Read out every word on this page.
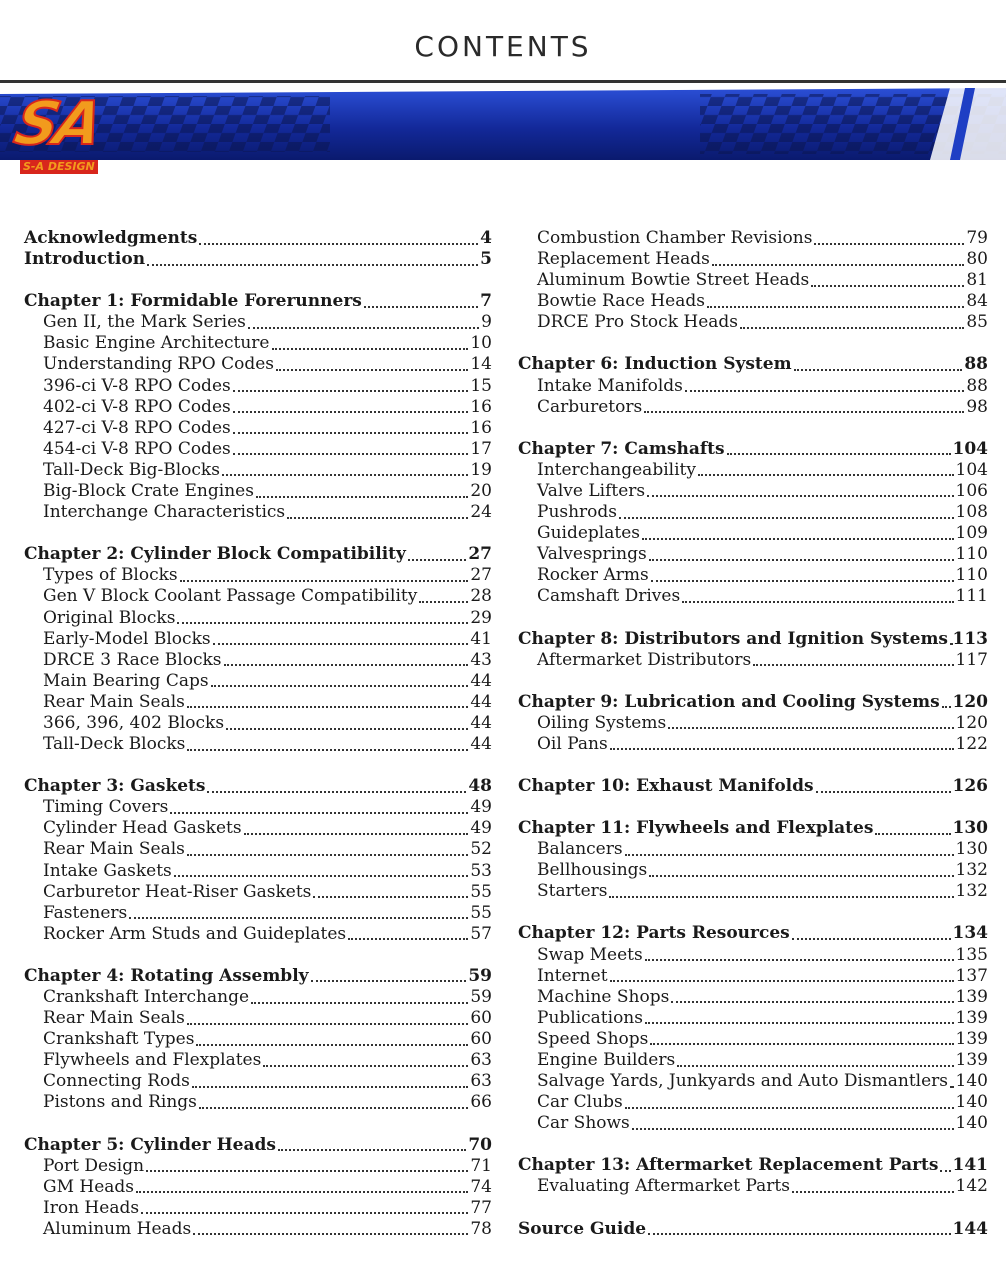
CONTENTS
SA
S-A DESIGN
Acknowledgments	4
Introduction	5
Chapter 1: Formidable Forerunners	7
Gen II, the Mark Series	9
Basic Engine Architecture	10
Understanding RPO Codes	14
396-ci V-8 RPO Codes	15
402-ci V-8 RPO Codes	16
427-ci V-8 RPO Codes	16
454-ci V-8 RPO Codes	17
Tall-Deck Big-Blocks	19
Big-Block Crate Engines	20
Interchange Characteristics	24
Chapter 2: Cylinder Block Compatibility	27
Types of Blocks	27
Gen V Block Coolant Passage Compatibility	28
Original Blocks	29
Early-Model Blocks	41
DRCE 3 Race Blocks	43
Main Bearing Caps	44
Rear Main Seals	44
366, 396, 402 Blocks	44
Tall-Deck Blocks	44
Chapter 3: Gaskets	48
Timing Covers	49
Cylinder Head Gaskets	49
Rear Main Seals	52
Intake Gaskets	53
Carburetor Heat-Riser Gaskets	55
Fasteners	55
Rocker Arm Studs and Guideplates	57
Chapter 4: Rotating Assembly	59
Crankshaft Interchange	59
Rear Main Seals	60
Crankshaft Types	60
Flywheels and Flexplates	63
Connecting Rods	63
Pistons and Rings	66
Chapter 5: Cylinder Heads	70
Port Design	71
GM Heads	74
Iron Heads	77
Aluminum Heads	78
Combustion Chamber Revisions	79
Replacement Heads	80
Aluminum Bowtie Street Heads	81
Bowtie Race Heads	84
DRCE Pro Stock Heads	85
Chapter 6: Induction System	88
Intake Manifolds	88
Carburetors	98
Chapter 7: Camshafts	104
Interchangeability	104
Valve Lifters	106
Pushrods	108
Guideplates	109
Valvesprings	110
Rocker Arms	110
Camshaft Drives	111
Chapter 8: Distributors and Ignition Systems 113
Aftermarket Distributors	117
Chapter 9: Lubrication and Cooling Systems 120
Oiling Systems	120
Oil Pans	122
Chapter 10: Exhaust Manifolds	126
Chapter 11: Flywheels and Flexplates	130
Balancers	130
Bellhousings	132
Starters	132
Chapter 12: Parts Resources	134
Swap Meets	135
Internet	137
Machine Shops	139
Publications	139
Speed Shops	139
Engine Builders	139
Salvage Yards, Junkyards and Auto Dismantlers 140
Car Clubs	140
Car Shows	140
Chapter 13: Aftermarket Replacement Parts 141
Evaluating Aftermarket Parts	142
Source Guide	144
